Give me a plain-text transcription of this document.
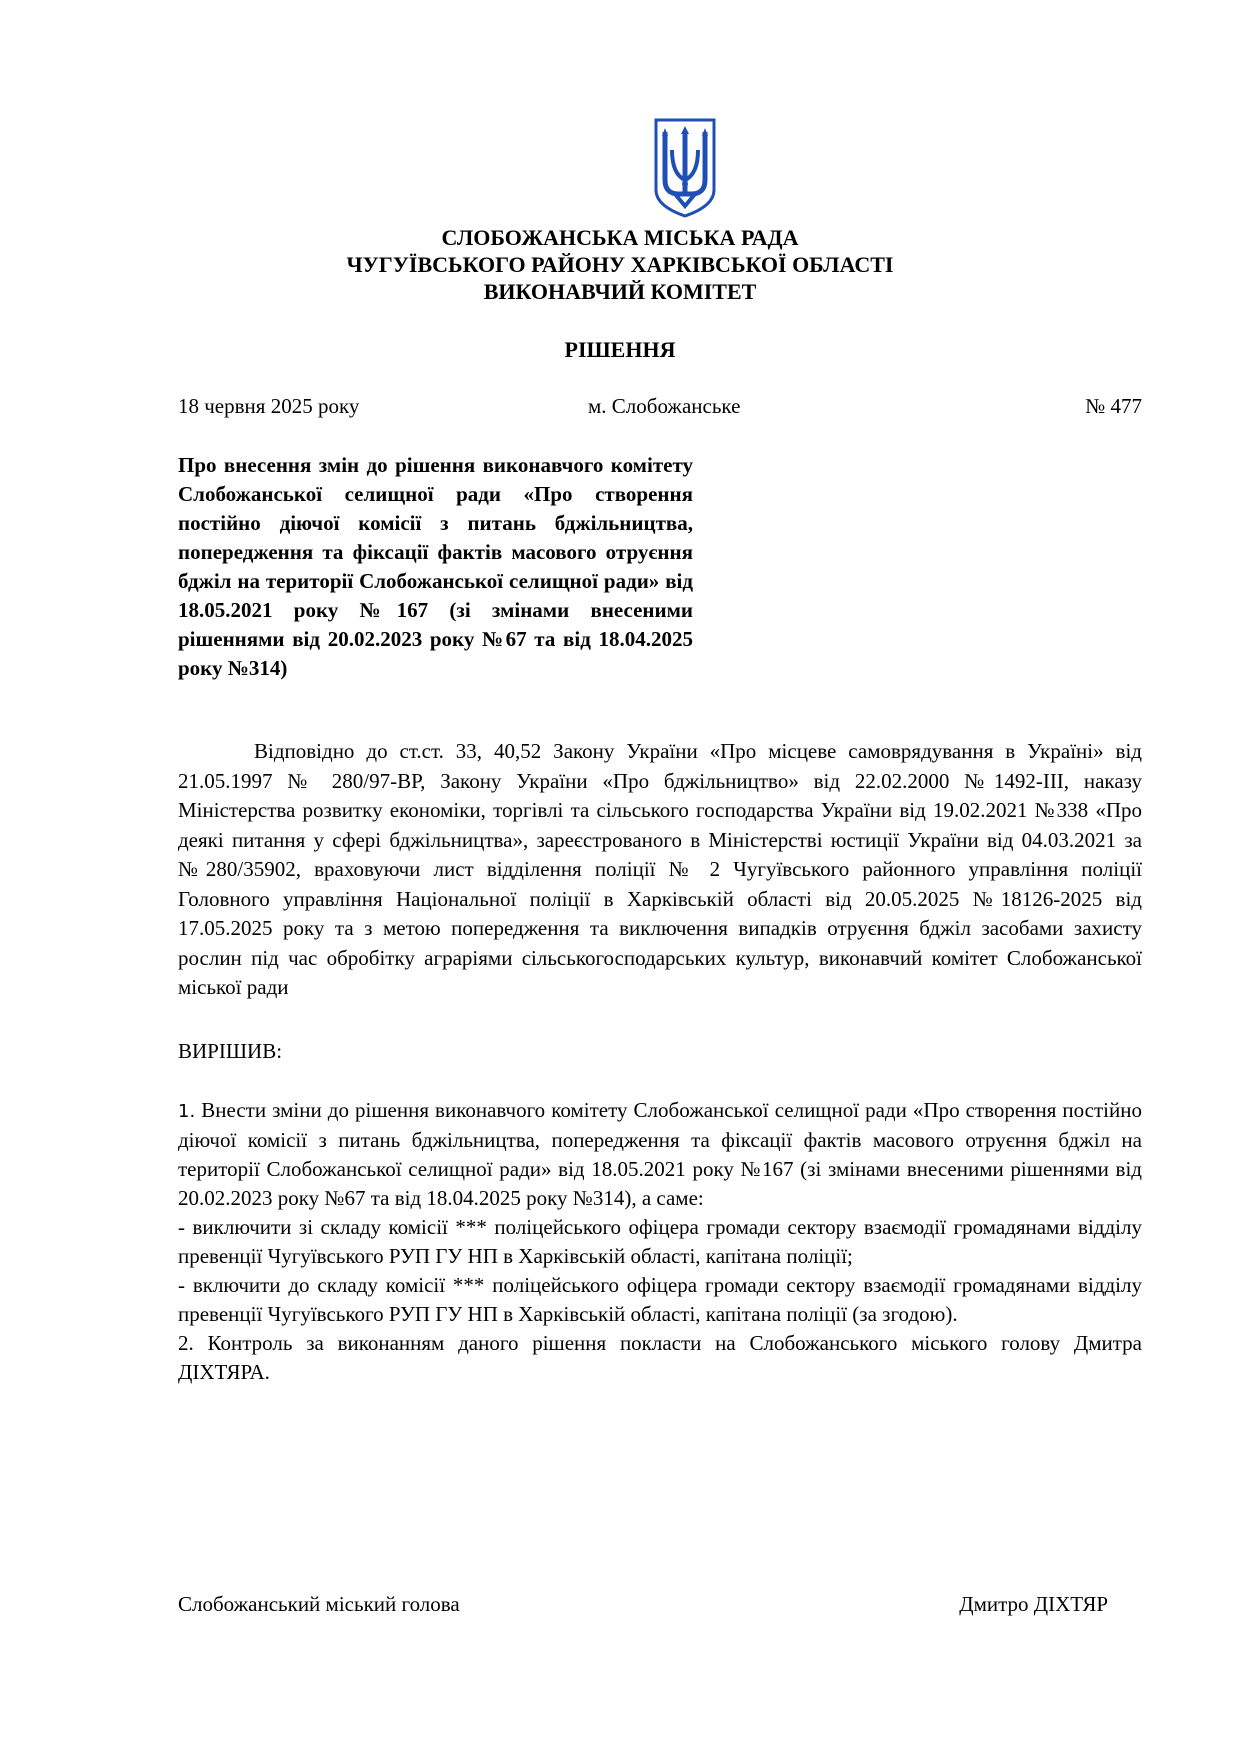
СЛОБОЖАНСЬКА МІСЬКА РАДА
ЧУГУЇВСЬКОГО РАЙОНУ ХАРКІВСЬКОЇ ОБЛАСТІ
ВИКОНАВЧИЙ КОМІТЕТ
РІШЕННЯ
18 червня 2025 року	м. Слобожанське	№ 477
Про внесення змін до рішення виконавчого комітету Слобожанської селищної ради «Про створення постійно діючої комісії з питань бджільництва, попередження та фіксації фактів масового отруєння бджіл на території Слобожанської селищної ради» від 18.05.2021 року №167 (зі змінами внесеними рішеннями від 20.02.2023 року №67 та від 18.04.2025 року №314)
Відповідно до ст.ст. 33, 40,52 Закону України «Про місцеве самоврядування в Україні» від 21.05.1997 № 280/97-ВР, Закону України «Про бджільництво» від 22.02.2000 №1492-ІІІ, наказу Міністерства розвитку економіки, торгівлі та сільського господарства України від 19.02.2021 №338 «Про деякі питання у сфері бджільництва», зареєстрованого в Міністерстві юстиції України від 04.03.2021 за №280/35902, враховуючи лист відділення поліції № 2 Чугуївського районного управління поліції Головного управління Національної поліції в Харківській області від 20.05.2025 №18126-2025 від 17.05.2025 року та з метою попередження та виключення випадків отруєння бджіл засобами захисту рослин під час обробітку аграріями сільськогосподарських культур, виконавчий комітет Слобожанської міської ради
ВИРІШИВ:

1. Внести зміни до рішення виконавчого комітету Слобожанської селищної ради «Про створення постійно діючої комісії з питань бджільництва, попередження та фіксації фактів масового отруєння бджіл на території Слобожанської селищної ради» від 18.05.2021 року №167 (зі змінами внесеними рішеннями від 20.02.2023 року №67 та від 18.04.2025 року №314), а саме:

- виключити зі складу комісії *** поліцейського офіцера громади сектору взаємодії громадянами відділу превенції Чугуївського РУП ГУ НП в Харківській області, капітана поліції;

- включити до складу комісії *** поліцейського офіцера громади сектору взаємодії громадянами відділу превенції Чугуївського РУП ГУ НП в Харківській області, капітана поліції (за згодою).

2. Контроль за виконанням даного рішення покласти на Слобожанського міського голову Дмитра ДІХТЯРА.

Слобожанський міський голова	Дмитро ДІХТЯР
